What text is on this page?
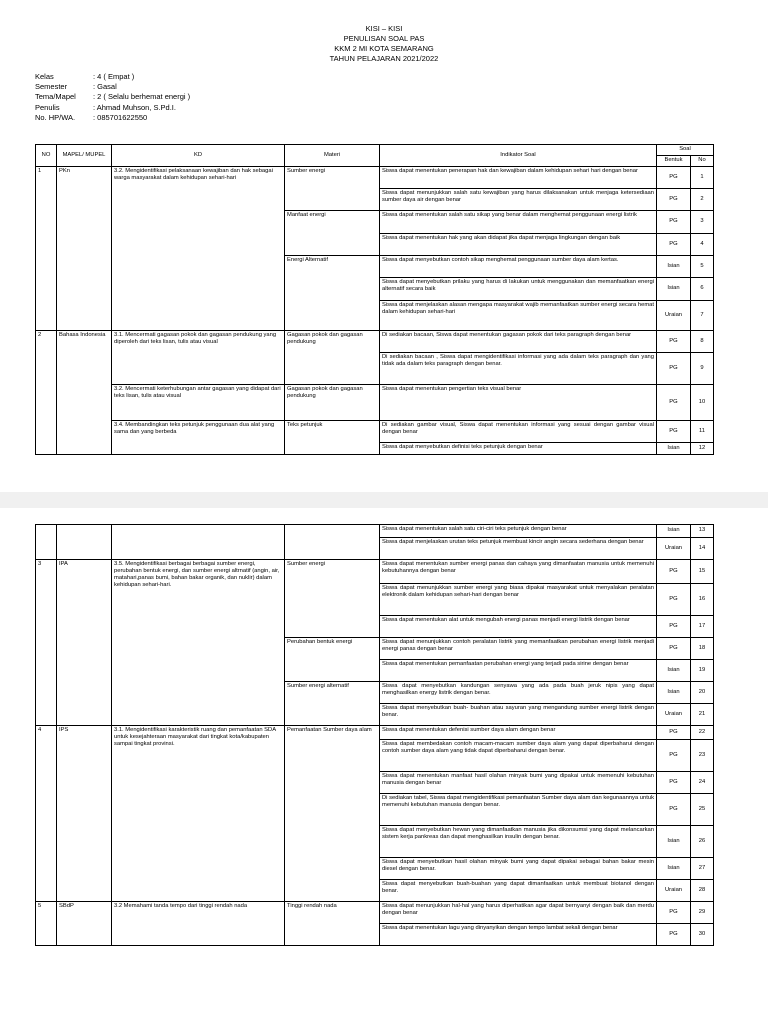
KISI – KISI
PENULISAN SOAL PAS
KKM 2 MI KOTA SEMARANG
TAHUN PELAJARAN 2021/2022
Kelas	: 4 ( Empat )
Semester	: Gasal
Tema/Mapel	: 2 ( Selalu berhemat energi )
Penulis	: Ahmad Muhson, S.Pd.I.
No. HP/WA.	: 085701622550
NO	MAPEL/ MUPEL	KD	Materi	Indikator Soal	Soal	
					Bentuk	No
1	PKn	3.2. Mengidentifikasi pelaksanaan kewajiban dan hak sebagai warga masyarakat dalam kehidupan sehari-hari	Sumber energi	Siswa dapat menentukan penerapan hak dan kewajiban dalam kehidupan sehari hari dengan benar	PG	1
				Siswa dapat menunjukkan salah satu kewajiban yang harus dilaksanakan untuk menjaga ketersediaan sumber daya air dengan benar	PG	2
			Manfaat energi	Siswa dapat menentukan salah satu sikap yang benar dalam menghemat penggunaan energi listrik	PG	3
				Siswa dapat menentukan hak yang akan didapat jika dapat menjaga lingkungan dengan baik	PG	4
			Energi Alternatif	Siswa dapat menyebutkan contoh sikap menghemat penggunaan sumber daya alam kertas.	Isian	5
				Siswa dapat menyebutkan prilaku yang harus di lakukan untuk menggunakan dan memanfaatkan energi alternatif secara baik	Isian	6
				Siswa dapat menjelaskan alasan mengapa masyarakat wajib memanfaatkan sumber energi secara hemat dalam kehidupan sehari-hari	Uraian	7
2	Bahasa Indonesia	3.1. Mencermati gagasan pokok dan gagasan pendukung yang diperoleh dari teks lisan, tulis atau visual	Gagasan pokok dan gagasan pendukung	Di sediakan bacaan, Siswa dapat menentukan gagasan pokok dari teks paragraph dengan benar	PG	8
				Di sediakan bacaan , Siswa dapat mengidentifikasi informasi yang ada dalam teks paragraph dan yang tidak ada dalam teks paragraph dengan benar.	PG	9
		3.2. Mencermati keterhubungan antar gagasan yang didapat dari teks lisan, tulis atau visual	Gagasan pokok dan gagasan pendukung	Siswa dapat menentukan pengertian teks visual benar	PG	10
		3.4. Membandingkan teks petunjuk penggunaan dua alat yang sama dan yang berbeda	Teks petunjuk	Di sediakan gambar visual, Siswa dapat menentukan informasi yang sesuai dengan gambar visual dengan benar	PG	11
				Siswa dapat menyebutkan definisi teks petunjuk dengan benar	Isian	12
				Siswa dapat menentukan salah satu ciri-ciri teks petunjuk dengan benar	Isian	13
				Siswa dapat menjelaskan urutan teks petunjuk membuat kincir angin secara sederhana dengan benar	Uraian	14
3	IPA	3.5. Mengidentifikasi berbagai berbagai sumber energi, perubahan bentuk energi, dan sumber energi altrnatif (angin, air, matahari,panas bumi, bahan bakar organik, dan nuklir) dalam kehidupan sehari-hari.	Sumber energi	Siswa dapat menentukan sumber energi panas dan cahaya yang dimanfaatan manusia untuk memenuhi kebutuhannya dengan benar	PG	15
				Siswa dapat menunjukkan sumber energi yang biasa dipakai masyarakat untuk menyalakan peralatan elektronik dalam kehidupan sehari-hari dengan benar	PG	16
				Siswa dapat menentukan alat untuk mengubah energi panas menjadi energi listrik dengan benar	PG	17
			Perubahan bentuk energi	Siswa dapat menunjukkan contoh peralatan listrik yang memanfaatkan perubahan energi listrik menjadi energi panas dengan benar	PG	18
				Siswa dapat menentukan pemanfaatan perubahan energi yang terjadi pada sirine dengan benar	Isian	19
			Sumber energi alternatif	Siswa dapat menyebutkan kandungan senyawa yang ada pada buah jeruk nipis yang dapat menghasilkan energy listrik dengan benar.	Isian	20
				Siswa dapat menyebutkan buah- buahan atau sayuran yang mengandung sumber energi listrik dengan benar.	Uraian	21
4	IPS	3.1. Mengidentifikasi karakteristik ruang dan pemanfaatan SDA untuk kesejahteraan masyarakat dari tingkat kota/kabupaten sampai tingkat provinsi.	Pemanfaatan Sumber daya alam	Siswa dapat menentukan defenisi sumber daya alam dengan benar	PG	22
				Siswa dapat membedakan contoh macam-macam sumber daya alam yang dapat diperbaharui dengan contoh sumber daya alam yang tidak dapat diperbaharui dengan benar.	PG	23
				Siswa dapat menentukan manfaat hasil olahan minyak bumi yang dipakai untuk memenuhi kebutuhan manusia dengan benar	PG	24
				Di sediakan tabel, Siswa dapat mengidentifikasi pemanfaatan Sumber daya alam dan kegunaannya untuk memenuhi kebutuhan manusia dengan benar.	PG	25
				Siswa dapat menyebutkan hewan yang dimanfaatkan manusia jika dikonsumsi yang dapat melancarkan sistem kerja pankreas dan dapat menghasilkan insulin dengan benar.	Isian	26
				Siswa dapat menyebutkan hasil olahan minyak bumi yang dapat dipakai sebagai bahan bakar mesin diesel dengan benar.	Isian	27
				Siswa dapat menyebutkan buah-buahan yang dapat dimanfaatkan untuk membuat biotanol dengan benar.	Uraian	28
5	SBdP	3.2 Memahami tanda tempo dari tinggi rendah nada	Tinggi rendah nada	Siswa dapat menunjukkan hal-hal yang harus diperhatikan agar dapat bernyanyi dengan baik dan merdu dengan benar	PG	29
				Siswa dapat menentukan lagu yang dinyanyikan dengan tempo lambat sekali dengan benar	PG	30
